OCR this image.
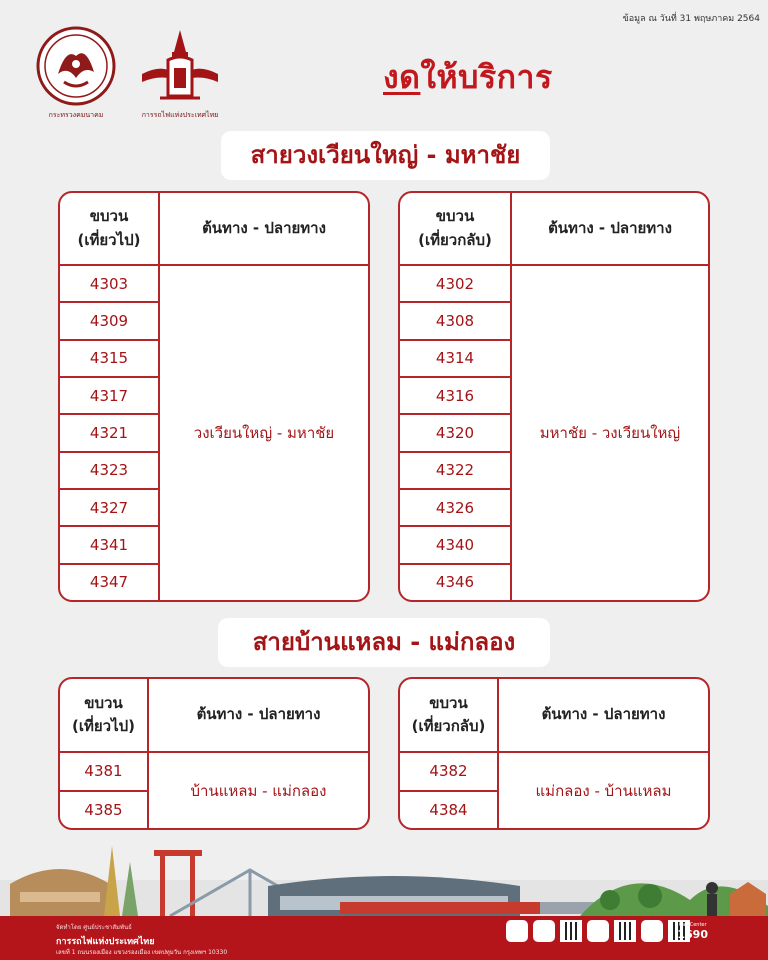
ข้อมูล ณ วันที่ 31 พฤษภาคม 2564
กระทรวงคมนาคม	การรถไฟแห่งประเทศไทย
งดให้บริการ
สายวงเวียนใหญ่ - มหาชัย
ขบวน
(เที่ยวไป)
ต้นทาง - ปลายทาง
4303
4309
4315
4317
4321
4323
4327
4341
4347
วงเวียนใหญ่ - มหาชัย
ขบวน
(เที่ยวกลับ)
ต้นทาง - ปลายทาง
4302
4308
4314
4316
4320
4322
4326
4340
4346
มหาชัย - วงเวียนใหญ่
สายบ้านแหลม - แม่กลอง
ขบวน
(เที่ยวไป)
ต้นทาง - ปลายทาง
4381
4385
บ้านแหลม - แม่กลอง
ขบวน
(เที่ยวกลับ)
ต้นทาง - ปลายทาง
4382
4384
แม่กลอง - บ้านแหลม
จัดทำโดย ศูนย์ประชาสัมพันธ์
การรถไฟแห่งประเทศไทย
เลขที่ 1 ถนนรองเมือง แขวงรองเมือง เขตปทุมวัน กรุงเทพฯ 10330
Call Center
1690
